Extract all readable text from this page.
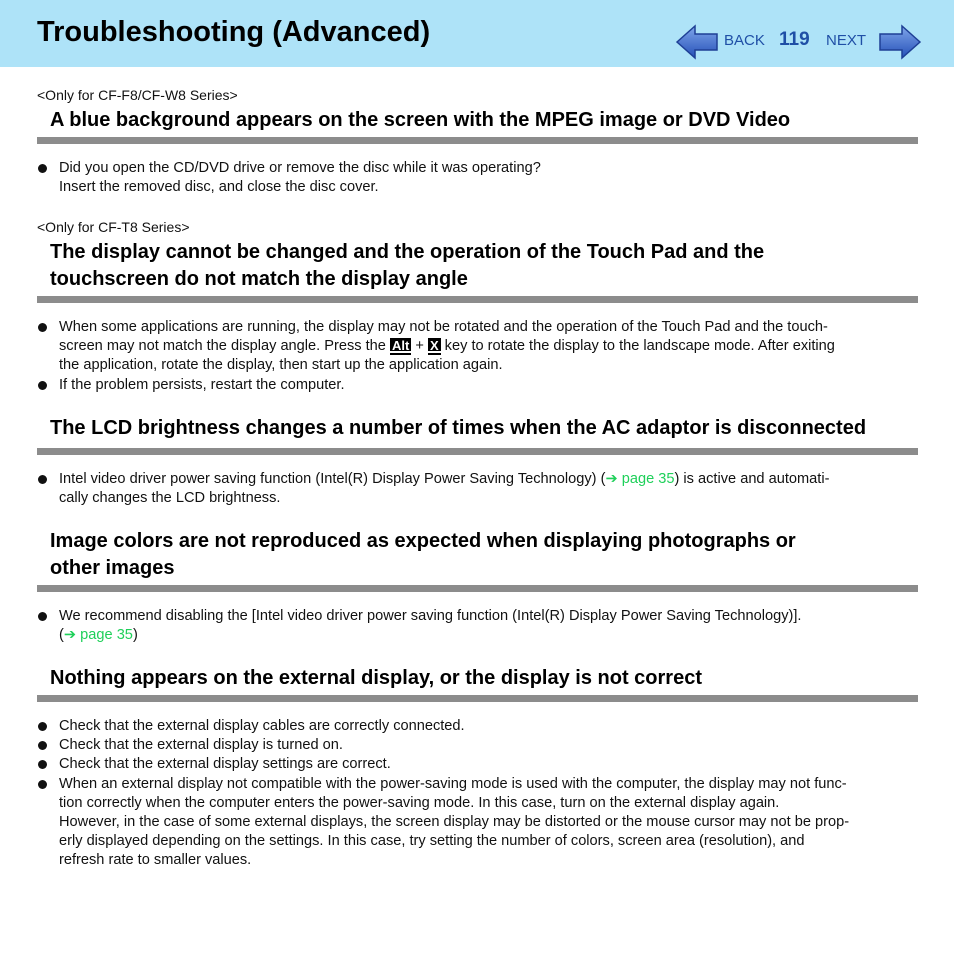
Troubleshooting (Advanced)	BACK 119 NEXT
<Only for CF-F8/CF-W8 Series>
A blue background appears on the screen with the MPEG image or DVD Video
Did you open the CD/DVD drive or remove the disc while it was operating?
Insert the removed disc, and close the disc cover.
<Only for CF-T8 Series>
The display cannot be changed and the operation of the Touch Pad and the
touchscreen do not match the display angle
When some applications are running, the display may not be rotated and the operation of the Touch Pad and the touch-
screen may not match the display angle. Press the Alt + X key to rotate the display to the landscape mode. After exiting
the application, rotate the display, then start up the application again.
If the problem persists, restart the computer.
The LCD brightness changes a number of times when the AC adaptor is disconnected
Intel video driver power saving function (Intel(R) Display Power Saving Technology) (➔ page 35) is active and automati-
cally changes the LCD brightness.
Image colors are not reproduced as expected when displaying photographs or
other images
We recommend disabling the [Intel video driver power saving function (Intel(R) Display Power Saving Technology)].
(➔ page 35)
Nothing appears on the external display, or the display is not correct
Check that the external display cables are correctly connected.
Check that the external display is turned on.
Check that the external display settings are correct.
When an external display not compatible with the power-saving mode is used with the computer, the display may not func-
tion correctly when the computer enters the power-saving mode. In this case, turn on the external display again.
However, in the case of some external displays, the screen display may be distorted or the mouse cursor may not be prop-
erly displayed depending on the settings. In this case, try setting the number of colors, screen area (resolution), and
refresh rate to smaller values.
